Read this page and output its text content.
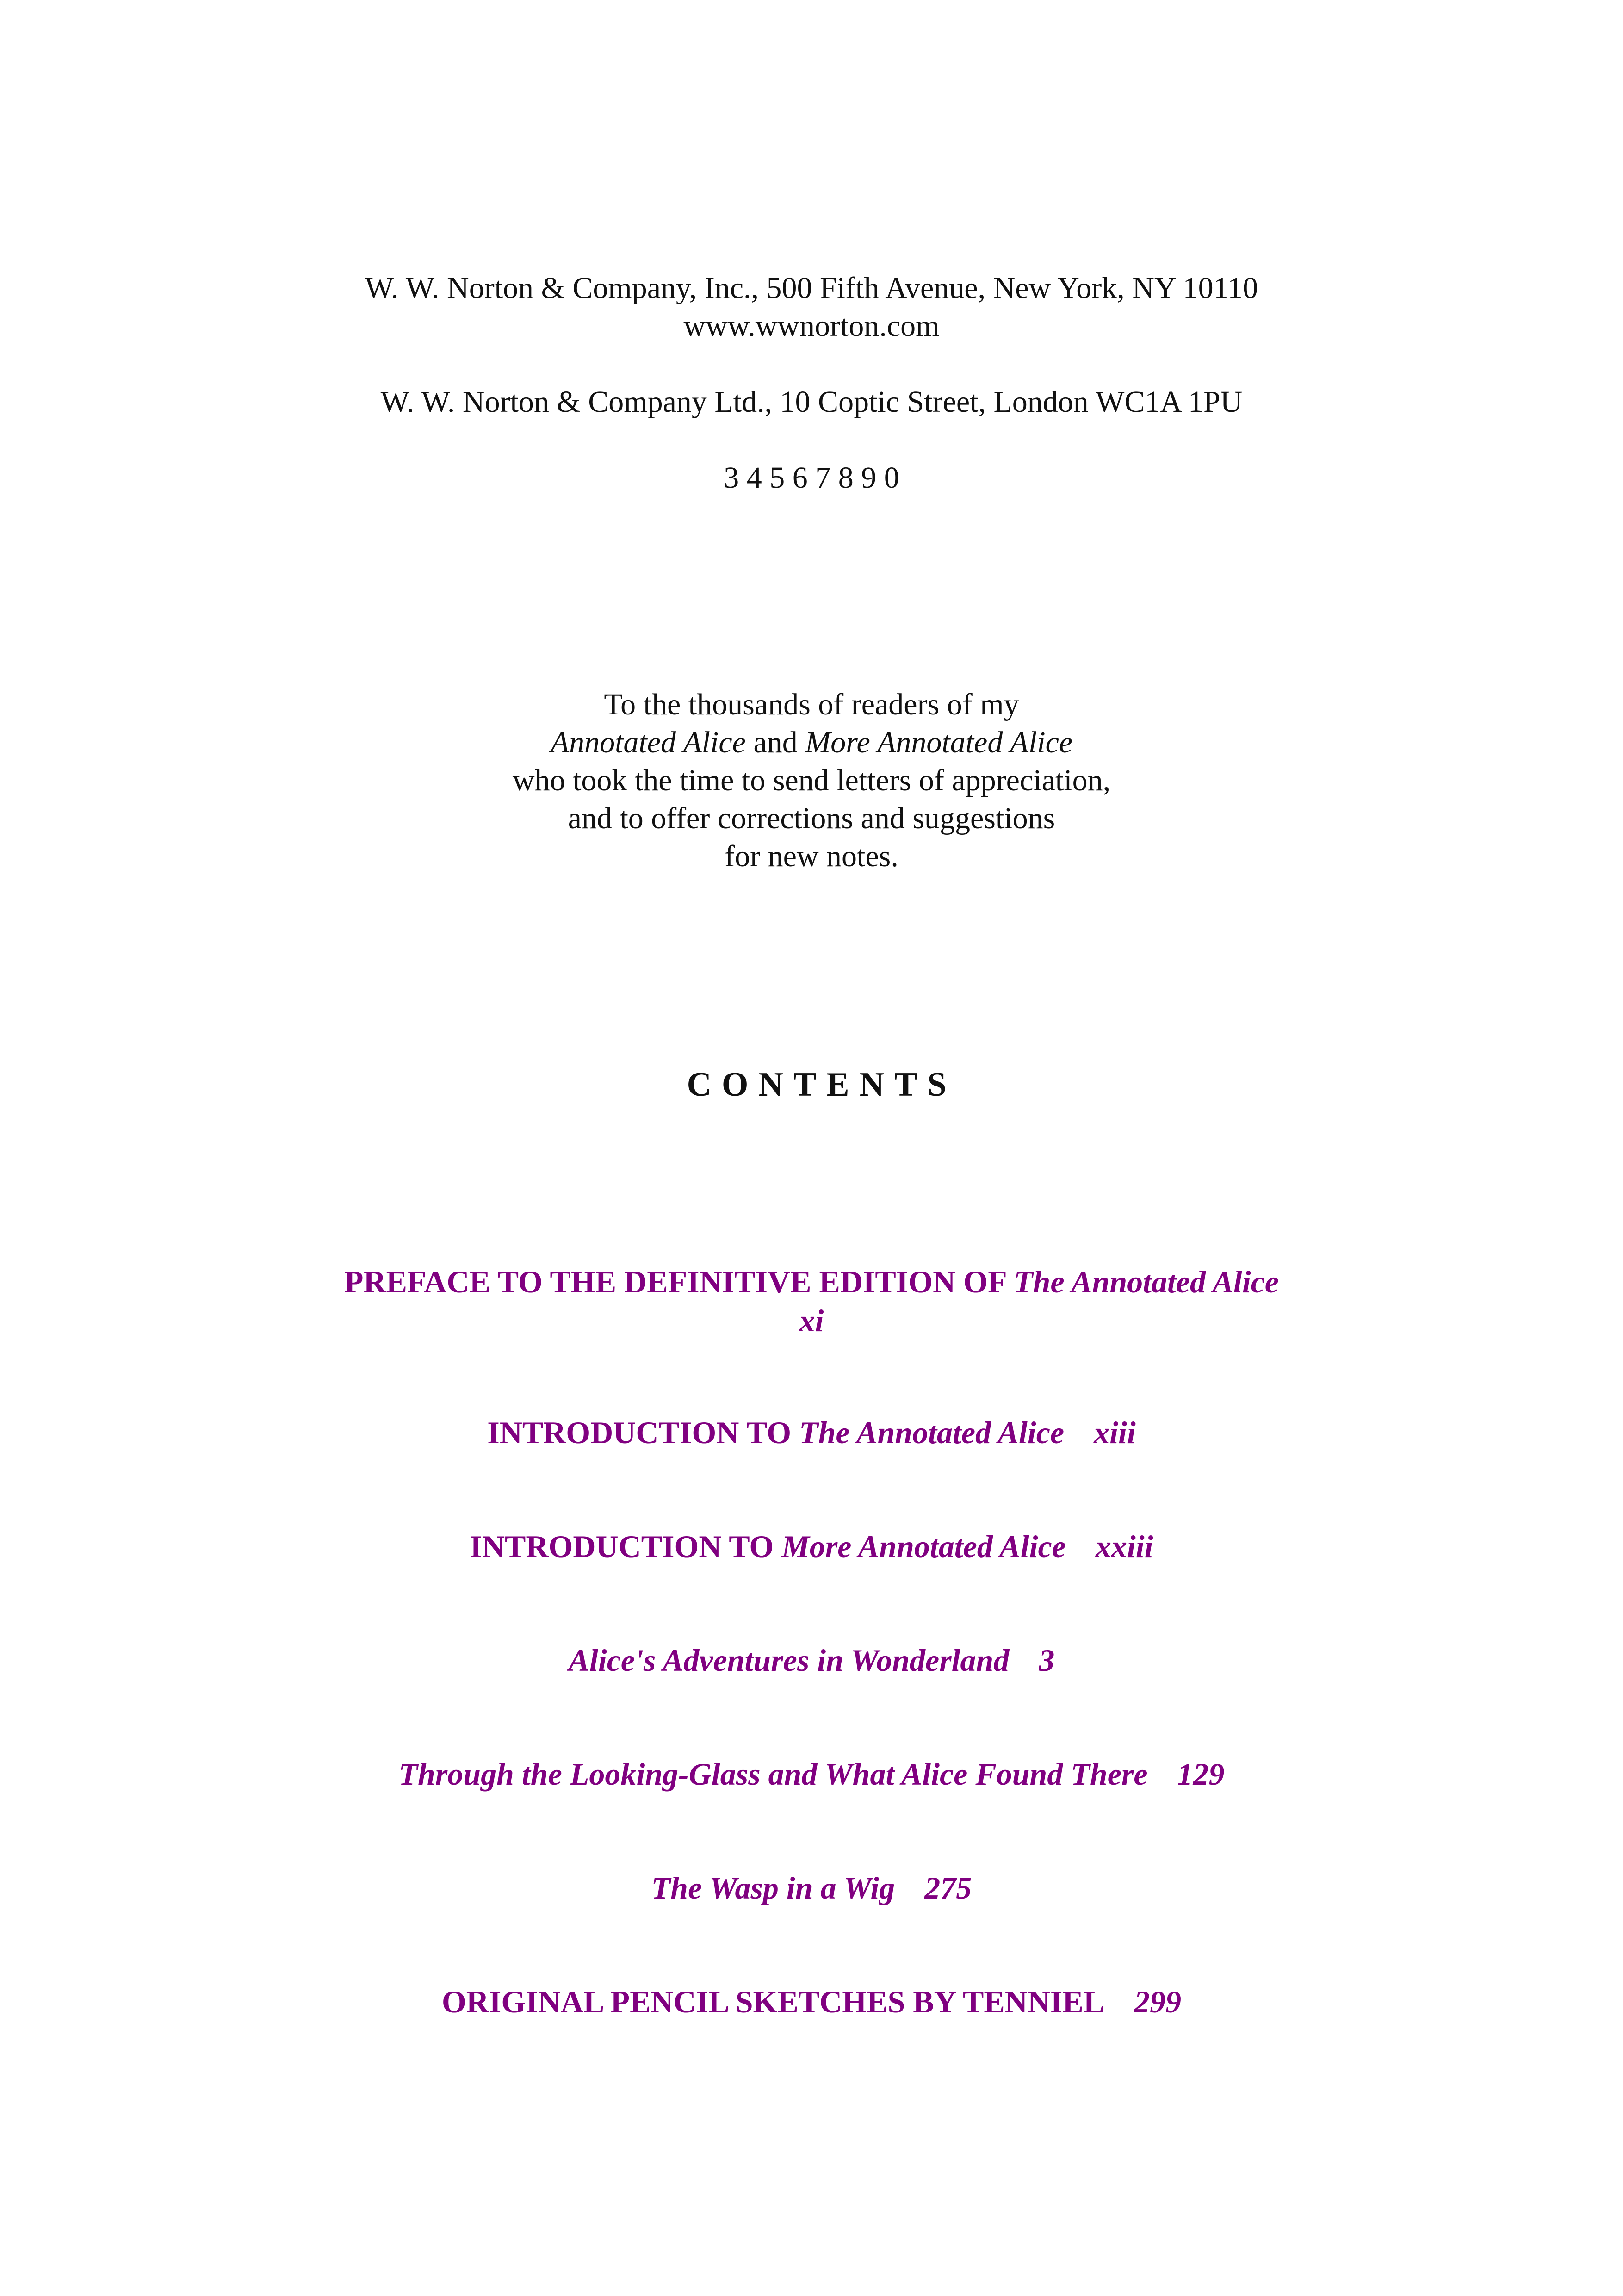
W. W. Norton & Company, Inc., 500 Fifth Avenue, New York, NY 10110
www.wwnorton.com
W. W. Norton & Company Ltd., 10 Coptic Street, London WC1A 1PU
3 4 5 6 7 8 9 0
To the thousands of readers of my
Annotated Alice and More Annotated Alice
who took the time to send letters of appreciation,
and to offer corrections and suggestions
for new notes.
CONTENTS
PREFACE TO THE DEFINITIVE EDITION OF The Annotated Alice
xi
INTRODUCTION TO The Annotated Alice xiii
INTRODUCTION TO More Annotated Alice xxiii
Alice's Adventures in Wonderland 3
Through the Looking-Glass and What Alice Found There 129
The Wasp in a Wig 275
ORIGINAL PENCIL SKETCHES BY TENNIEL 299
